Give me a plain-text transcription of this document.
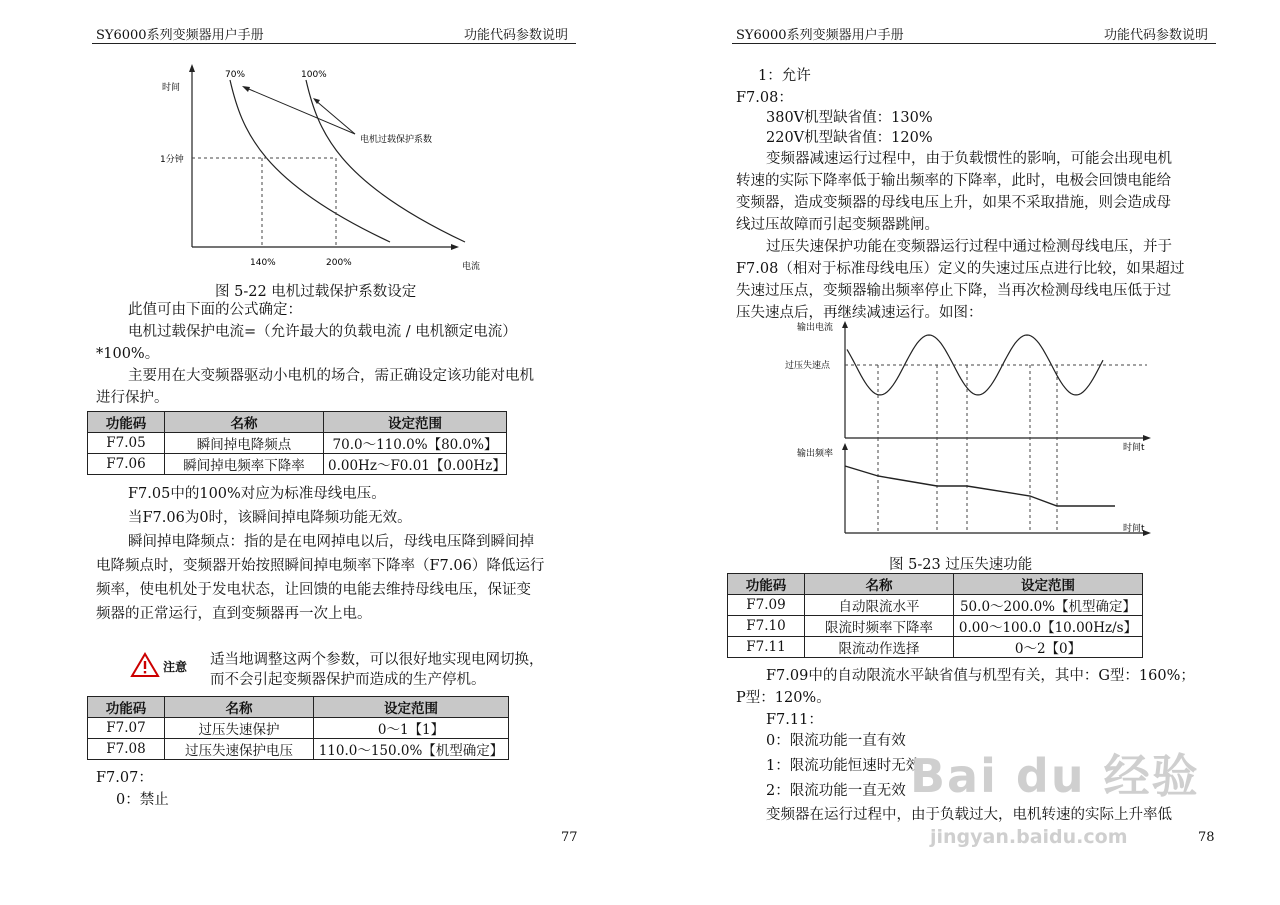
SY6000系列变频器用户手册	功能代码参数说明
时间
电流
70%	100%
电机过载保护系数
1分钟
140%	200%
图 5-22 电机过载保护系数设定
此值可由下面的公式确定：
电机过载保护电流=（允许最大的负载电流 / 电机额定电流）
*100%。
主要用在大变频器驱动小电机的场合，需正确设定该功能对电机
进行保护。
功能码	名称	设定范围
F7.05	瞬间掉电降频点	70.0～110.0%【80.0%】
F7.06	瞬间掉电频率下降率	0.00Hz～F0.01【0.00Hz】
F7.05中的100%对应为标准母线电压。
当F7.06为0时，该瞬间掉电降频功能无效。
瞬间掉电降频点：指的是在电网掉电以后，母线电压降到瞬间掉
电降频点时，变频器开始按照瞬间掉电频率下降率（F7.06）降低运行
频率，使电机处于发电状态，让回馈的电能去维持母线电压，保证变
频器的正常运行，直到变频器再一次上电。
注意 适当地调整这两个参数，可以很好地实现电网切换，
而不会引起变频器保护而造成的生产停机。
功能码	名称	设定范围
F7.07	过压失速保护	0～1【1】
F7.08	过压失速保护电压	110.0～150.0%【机型确定】
F7.07：
0：禁止
77
SY6000系列变频器用户手册	功能代码参数说明
1：允许
F7.08：
380V机型缺省值：130%
220V机型缺省值：120%
变频器减速运行过程中，由于负载惯性的影响，可能会出现电机
转速的实际下降率低于输出频率的下降率，此时，电极会回馈电能给
变频器，造成变频器的母线电压上升，如果不采取措施，则会造成母
线过压故障而引起变频器跳闸。
过压失速保护功能在变频器运行过程中通过检测母线电压，并于
F7.08（相对于标准母线电压）定义的失速过压点进行比较，如果超过
失速过压点，变频器输出频率停止下降，当再次检测母线电压低于过
压失速点后，再继续减速运行。如图：
输出电流
过压失速点
时间t
输出频率
时间t
图 5-23 过压失速功能
功能码	名称	设定范围
F7.09	自动限流水平	50.0～200.0%【机型确定】
F7.10	限流时频率下降率	0.00～100.0【10.00Hz/s】
F7.11	限流动作选择	0～2【0】
F7.09中的自动限流水平缺省值与机型有关，其中：G型：160%；
P型：120%。
F7.11：
0：限流功能一直有效
1：限流功能恒速时无效
2：限流功能一直无效
变频器在运行过程中，由于负载过大，电机转速的实际上升率低
78
Bai du 经验
jingyan.baidu.com
